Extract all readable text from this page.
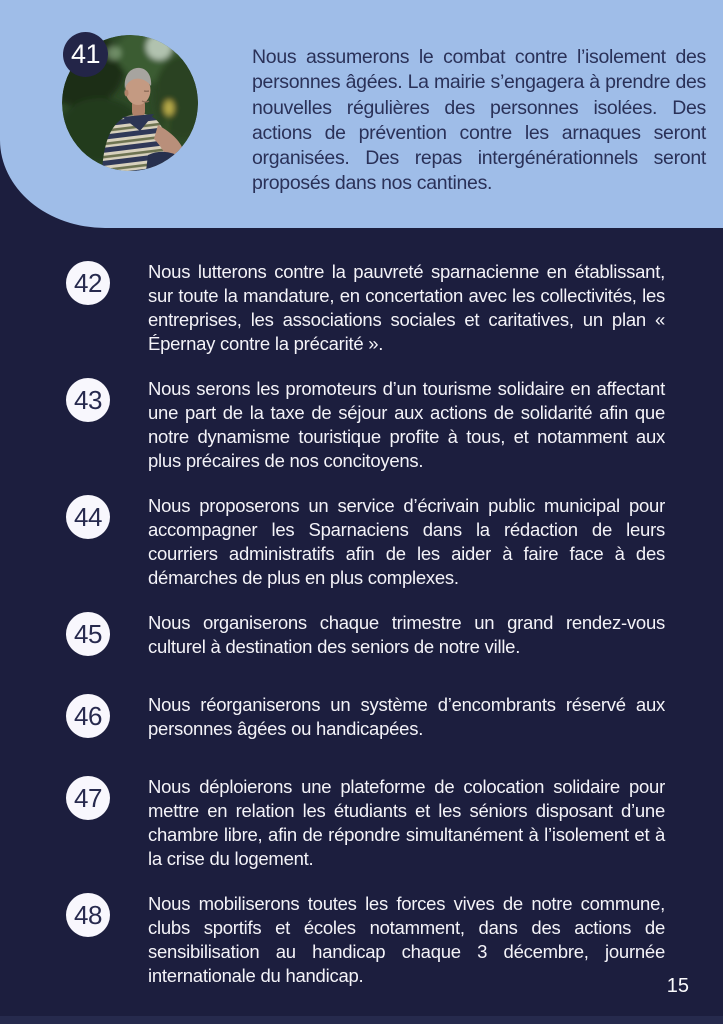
41	Nous assumerons le combat contre l’isolement des personnes âgées. La mairie s’engagera à prendre des nouvelles régulières des personnes isolées. Des actions de prévention contre les arnaques seront organisées. Des repas intergénérationnels seront proposés dans nos cantines.

42 Nous lutterons contre la pauvreté sparnacienne en établissant, sur toute la mandature, en concertation avec les collectivités, les entreprises, les associations sociales et caritatives, un plan « Épernay contre la précarité ».

43 Nous serons les promoteurs d’un tourisme solidaire en affectant une part de la taxe de séjour aux actions de solidarité afin que notre dynamisme touristique profite à tous, et notamment aux plus précaires de nos concitoyens.

44 Nous proposerons un service d’écrivain public municipal pour accompagner les Sparnaciens dans la rédaction de leurs courriers administratifs afin de les aider à faire face à des démarches de plus en plus complexes.

45 Nous organiserons chaque trimestre un grand rendez-vous culturel à destination des seniors de notre ville.

46 Nous réorganiserons un système d’encombrants réservé aux personnes âgées ou handicapées.

47 Nous déploierons une plateforme de colocation solidaire pour mettre en relation les étudiants et les séniors disposant d’une chambre libre, afin de répondre simultanément à l’isolement et à la crise du logement.

48 Nous mobiliserons toutes les forces vives de notre commune, clubs sportifs et écoles notamment, dans des actions de sensibilisation au handicap chaque 3 décembre, journée internationale du handicap.	15
